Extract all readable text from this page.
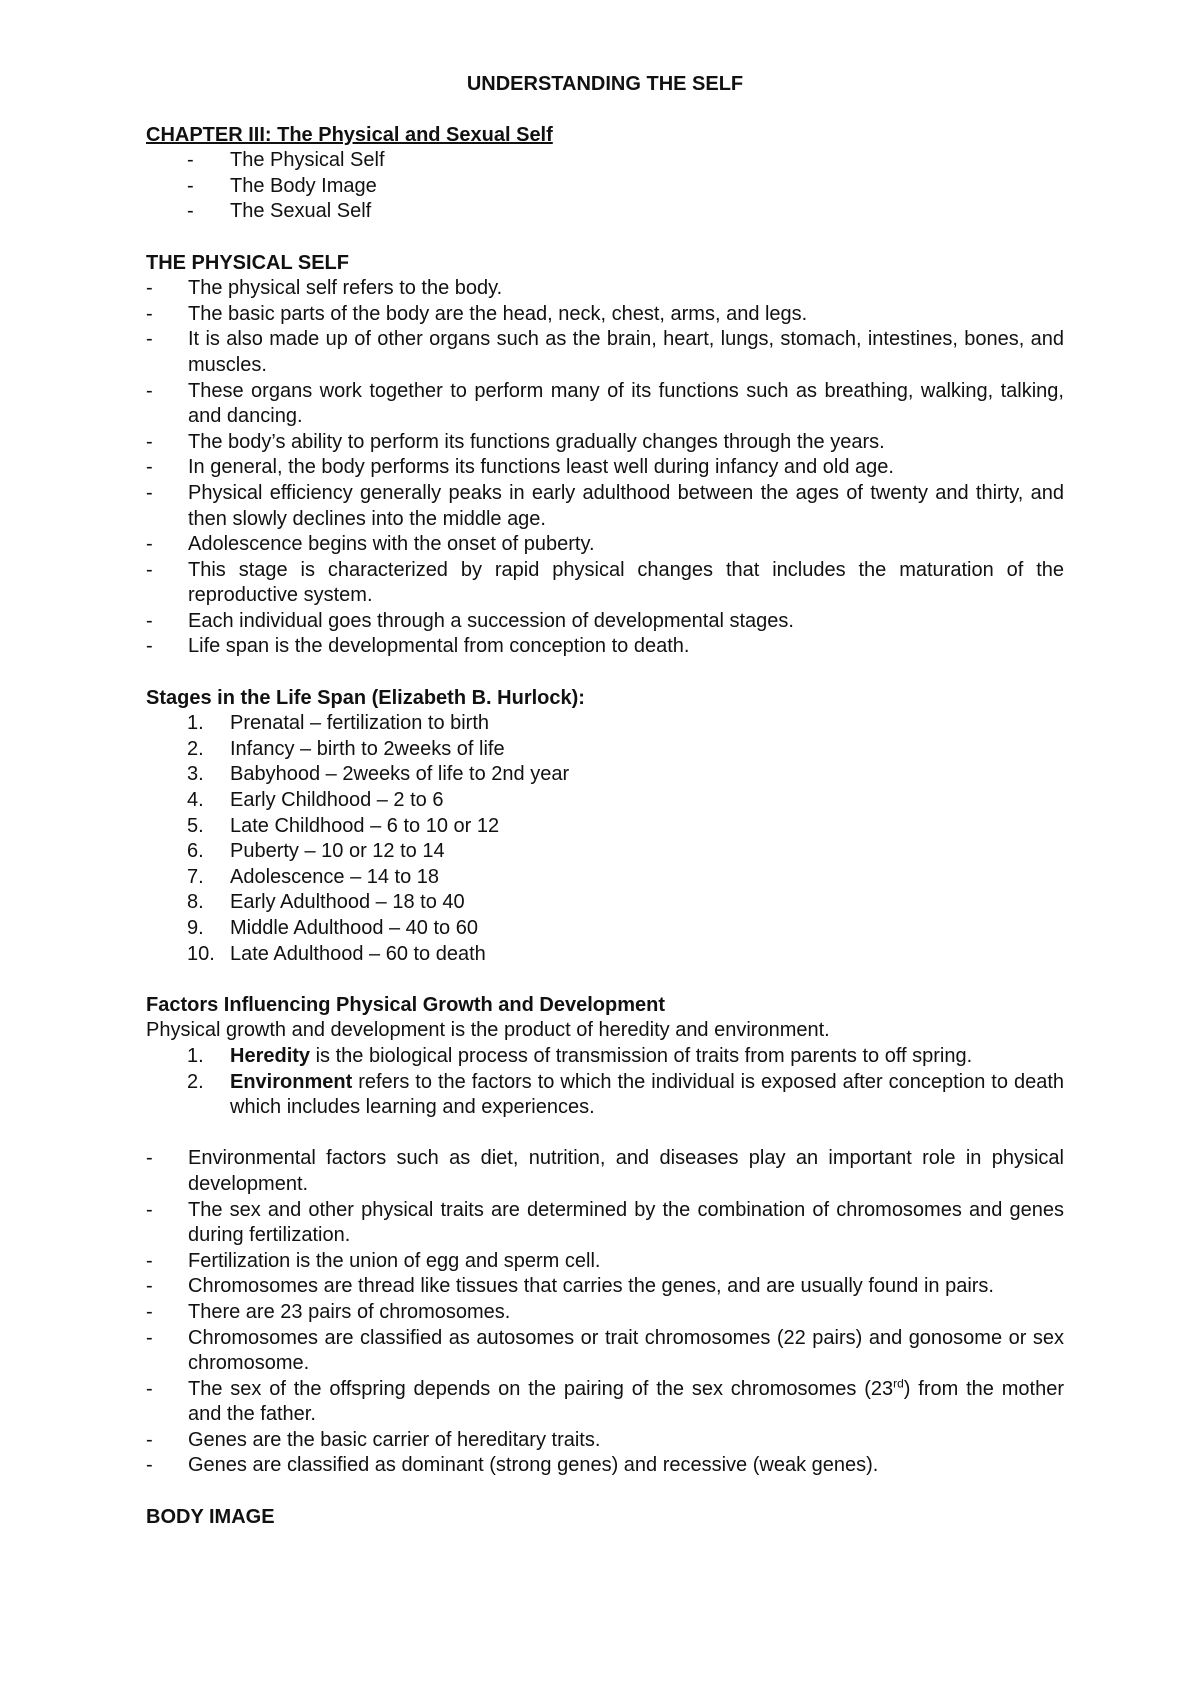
UNDERSTANDING THE SELF
CHAPTER III: The Physical and Sexual Self
- The Physical Self
- The Body Image
- The Sexual Self
THE PHYSICAL SELF
- The physical self refers to the body.
- The basic parts of the body are the head, neck, chest, arms, and legs.
- It is also made up of other organs such as the brain, heart, lungs, stomach, intestines, bones, and muscles.
- These organs work together to perform many of its functions such as breathing, walking, talking, and dancing.
- The body’s ability to perform its functions gradually changes through the years.
- In general, the body performs its functions least well during infancy and old age.
- Physical efficiency generally peaks in early adulthood between the ages of twenty and thirty, and then slowly declines into the middle age.
- Adolescence begins with the onset of puberty.
- This stage is characterized by rapid physical changes that includes the maturation of the reproductive system.
- Each individual goes through a succession of developmental stages.
- Life span is the developmental from conception to death.
Stages in the Life Span (Elizabeth B. Hurlock):
1.	Prenatal – fertilization to birth
2.	Infancy – birth to 2weeks of life
3.	Babyhood – 2weeks of life to 2nd year
4.	Early Childhood – 2 to 6
5.	Late Childhood – 6 to 10 or 12
6.	Puberty – 10 or 12 to 14
7.	Adolescence – 14 to 18
8.	Early Adulthood – 18 to 40
9.	Middle Adulthood – 40 to 60
10. Late Adulthood – 60 to death
Factors Influencing Physical Growth and Development

Physical growth and development is the product of heredity and environment.

1.	Heredity is the biological process of transmission of traits from parents to off spring.
2.	Environment refers to the factors to which the individual is exposed after conception to death which includes learning and experiences.
- Environmental factors such as diet, nutrition, and diseases play an important role in physical development.
- The sex and other physical traits are determined by the combination of chromosomes and genes during fertilization.
- Fertilization is the union of egg and sperm cell.
- Chromosomes are thread like tissues that carries the genes, and are usually found in pairs.
- There are 23 pairs of chromosomes.
- Chromosomes are classified as autosomes or trait chromosomes (22 pairs) and gonosome or sex chromosome.
- The sex of the offspring depends on the pairing of the sex chromosomes (23rd) from the mother and the father.
- Genes are the basic carrier of hereditary traits.
- Genes are classified as dominant (strong genes) and recessive (weak genes).
BODY IMAGE
